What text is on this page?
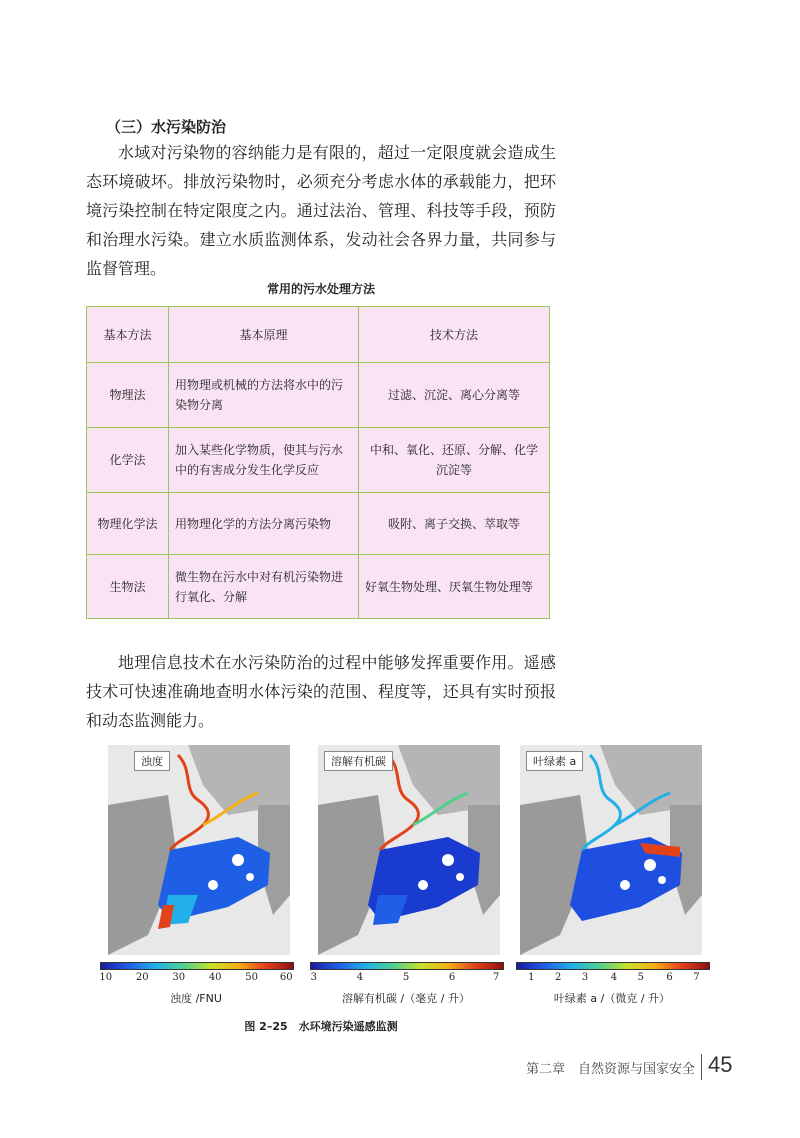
（三）水污染防治

水域对污染物的容纳能力是有限的，超过一定限度就会造成生态环境破坏。排放污染物时，必须充分考虑水体的承载能力，把环境污染控制在特定限度之内。通过法治、管理、科技等手段，预防和治理水污染。建立水质监测体系，发动社会各界力量，共同参与监督管理。

常用的污水处理方法
基本方法	基本原理	技术方法
物理法	用物理或机械的方法将水中的污染物分离	过滤、沉淀、离心分离等
化学法	加入某些化学物质，使其与污水中的有害成分发生化学反应	中和、氧化、还原、分解、化学沉淀等
物理化学法	用物理化学的方法分离污染物	吸附、离子交换、萃取等
生物法	微生物在污水中对有机污染物进行氧化、分解	好氧生物处理、厌氧生物处理等

地理信息技术在水污染防治的过程中能够发挥重要作用。遥感技术可快速准确地查明水体污染的范围、程度等，还具有实时预报和动态监测能力。

浊度	溶解有机碳	叶绿素 a
10 20 30 40 50 60
浊度 /FNU
3	4	5	6	7
溶解有机碳 /（毫克 / 升）
1 2 3 4 5 6 7
叶绿素 a /（微克 / 升）
图 2–25　水环境污染遥感监测
第二章　自然资源与国家安全 45
